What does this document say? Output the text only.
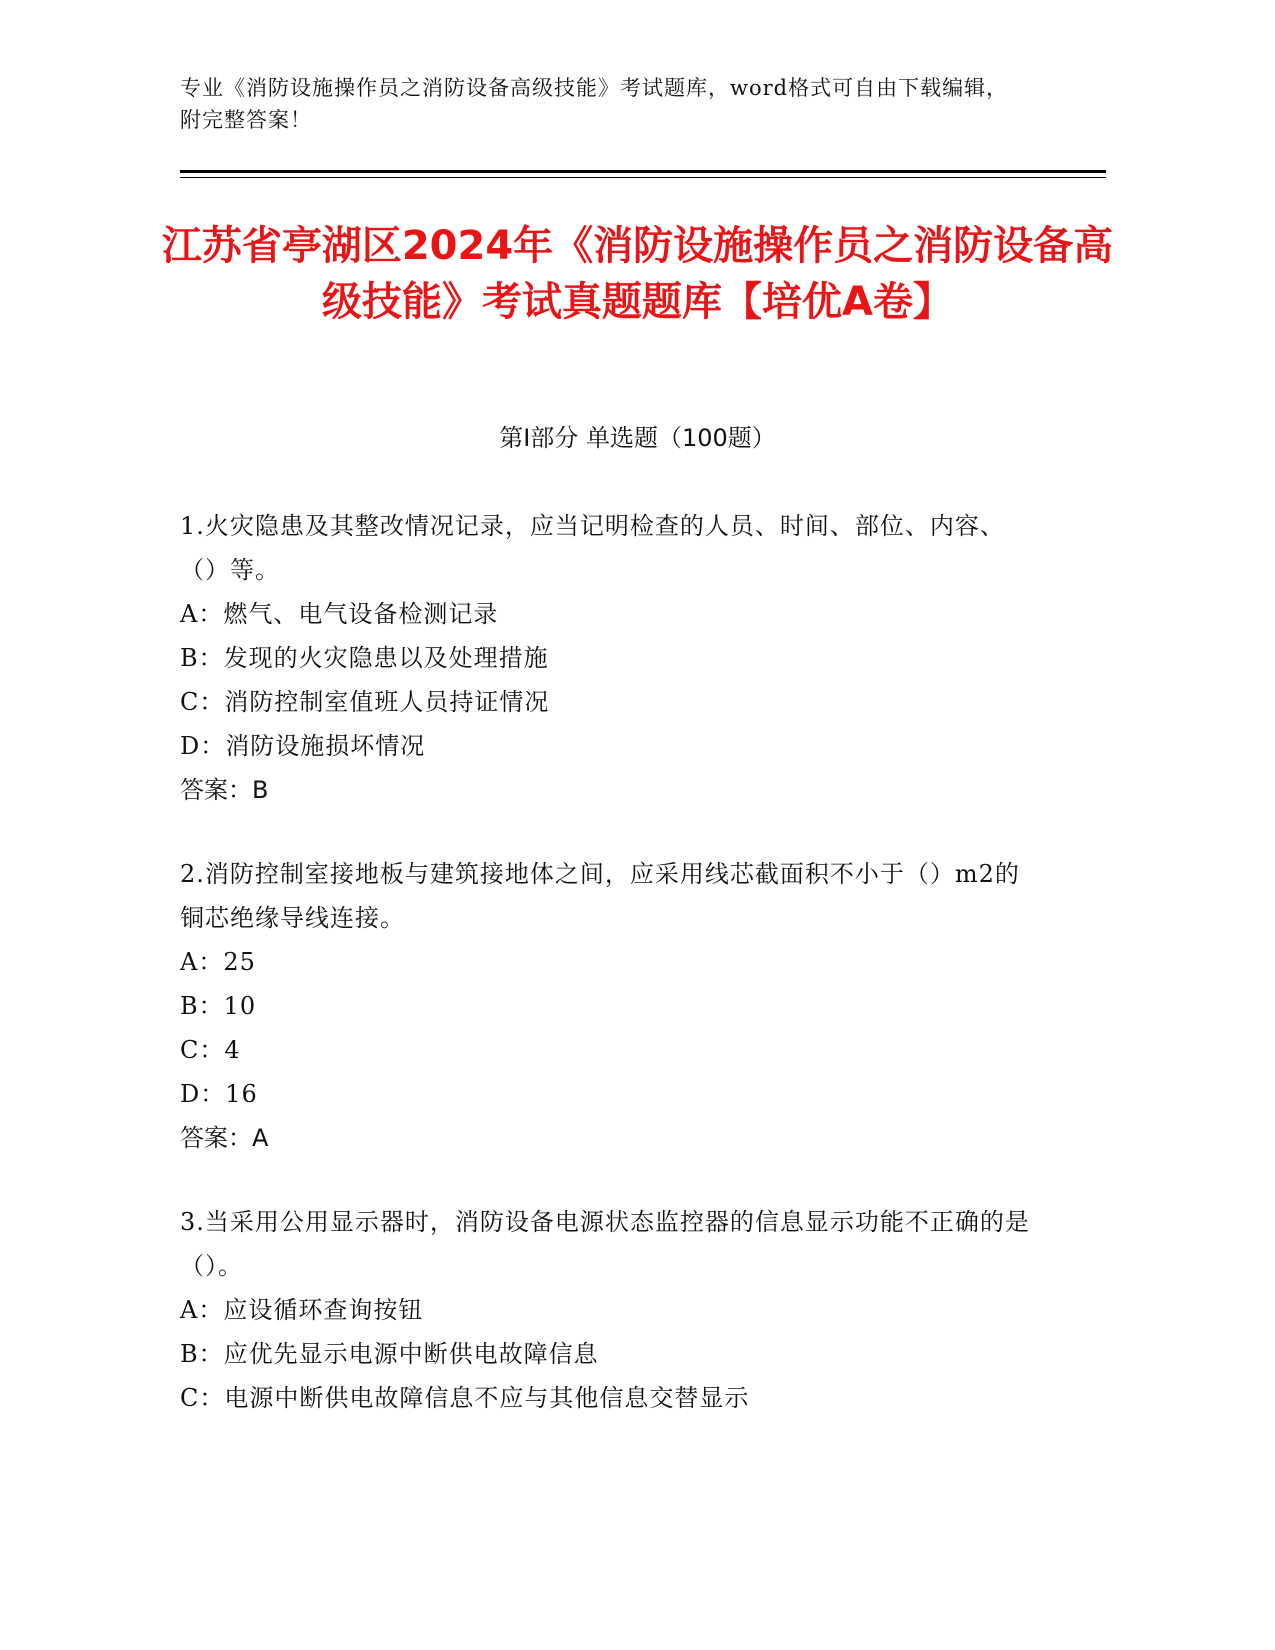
专业《消防设施操作员之消防设备高级技能》考试题库，word格式可自由下载编辑，附完整答案！
江苏省亭湖区2024年《消防设施操作员之消防设备高级技能》考试真题题库【培优A卷】
第I部分 单选题（100题）
1.火灾隐患及其整改情况记录，应当记明检查的人员、时间、部位、内容、（）等。
A：燃气、电气设备检测记录
B：发现的火灾隐患以及处理措施
C：消防控制室值班人员持证情况
D：消防设施损坏情况
答案：B
2.消防控制室接地板与建筑接地体之间，应采用线芯截面积不小于（）m2的铜芯绝缘导线连接。
A：25
B：10
C：4
D：16
答案：A
3.当采用公用显示器时，消防设备电源状态监控器的信息显示功能不正确的是（）。
A：应设循环查询按钮
B：应优先显示电源中断供电故障信息
C：电源中断供电故障信息不应与其他信息交替显示
